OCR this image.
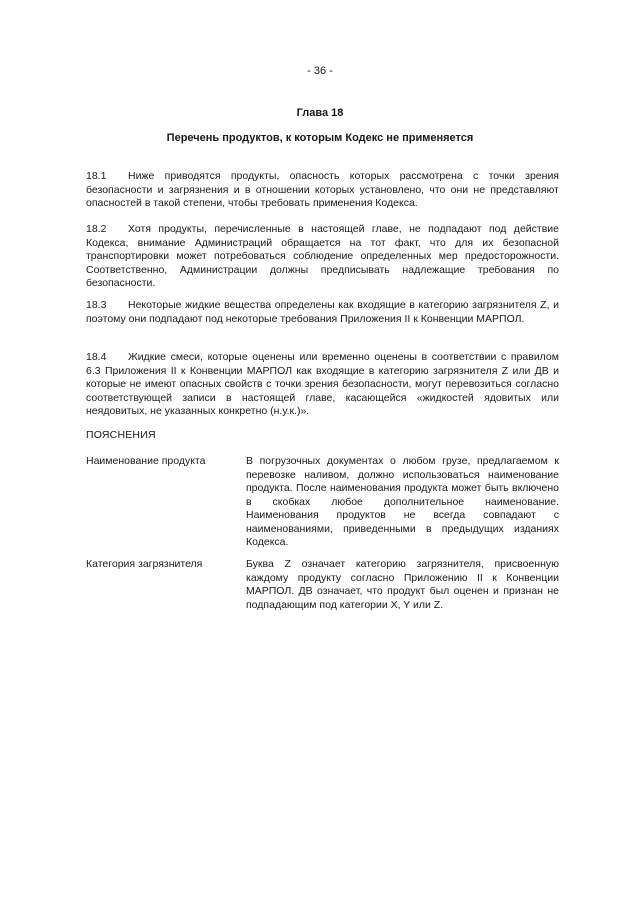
- 36 -
Глава 18
Перечень продуктов, к которым Кодекс не применяется
18.1 Ниже приводятся продукты, опасность которых рассмотрена с точки зрения безопасности и загрязнения и в отношении которых установлено, что они не представляют опасностей в такой степени, чтобы требовать применения Кодекса.
18.2 Хотя продукты, перечисленные в настоящей главе, не подпадают под действие Кодекса, внимание Администраций обращается на тот факт, что для их безопасной транспортировки может потребоваться соблюдение определенных мер предосторожности. Соответственно, Администрации должны предписывать надлежащие требования по безопасности.
18.3 Некоторые жидкие вещества определены как входящие в категорию загрязнителя Z, и поэтому они подпадают под некоторые требования Приложения II к Конвенции МАРПОЛ.
18.4 Жидкие смеси, которые оценены или временно оценены в соответствии с правилом 6.3 Приложения II к Конвенции МАРПОЛ как входящие в категорию загрязнителя Z или ДВ и которые не имеют опасных свойств с точки зрения безопасности, могут перевозиться согласно соответствующей записи в настоящей главе, касающейся «жидкостей ядовитых или неядовитых, не указанных конкретно (н.у.к.)».
ПОЯСНЕНИЯ
Наименование продукта	В погрузочных документах о любом грузе, предлагаемом к перевозке наливом, должно использоваться наименование продукта. После наименования продукта может быть включено в скобках любое дополнительное наименование. Наименования продуктов не всегда совпадают с наименованиями, приведенными в предыдущих изданиях Кодекса.
Категория загрязнителя	Буква Z означает категорию загрязнителя, присвоенную каждому продукту согласно Приложению II к Конвенции МАРПОЛ. ДВ означает, что продукт был оценен и признан не подпадающим под категории X, Y или Z.
